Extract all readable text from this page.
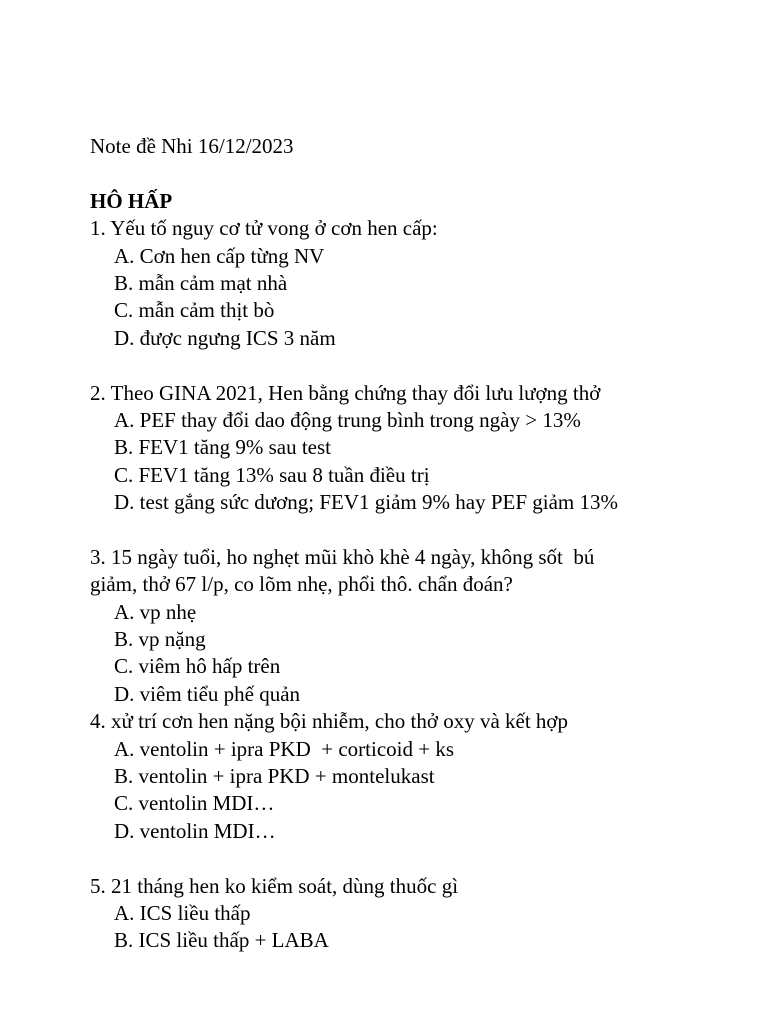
Note đề Nhi 16/12/2023
HÔ HẤP
1. Yếu tố nguy cơ tử vong ở cơn hen cấp:
A. Cơn hen cấp từng NV
B. mẫn cảm mạt nhà
C. mẫn cảm thịt bò
D. được ngưng ICS 3 năm
2. Theo GINA 2021, Hen bằng chứng thay đổi lưu lượng thở
A. PEF thay đổi dao động trung bình trong ngày > 13%
B. FEV1 tăng 9% sau test
C. FEV1 tăng 13% sau 8 tuần điều trị
D. test gắng sức dương; FEV1 giảm 9% hay PEF giảm 13%
3. 15 ngày tuổi, ho nghẹt mũi khò khè 4 ngày, không sốt  bú
giảm, thở 67 l/p, co lõm nhẹ, phổi thô. chẩn đoán?
A. vp nhẹ
B. vp nặng
C. viêm hô hấp trên
D. viêm tiểu phế quản
4. xử trí cơn hen nặng bội nhiễm, cho thở oxy và kết hợp
A. ventolin + ipra PKD  + corticoid + ks
B. ventolin + ipra PKD + montelukast
C. ventolin MDI…
D. ventolin MDI…
5. 21 tháng hen ko kiểm soát, dùng thuốc gì
A. ICS liều thấp
B. ICS liều thấp + LABA
